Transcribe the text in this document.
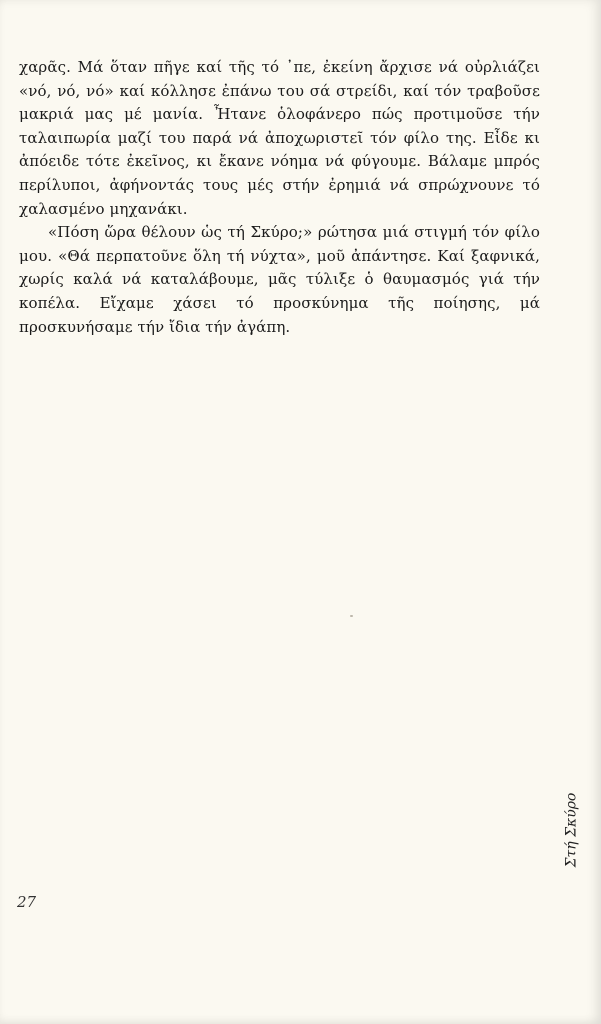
χαρᾶς. Μά ὅταν πῆγε καί τῆς τό ᾿πε, ἐκείνη ἄρχισε νά οὐρλιάζει «νό, νό, νό» καί κόλλησε ἐπάνω του σά στρείδι, καί τόν τραβοῦσε μακριά μας μέ μανία. Ἦτανε ὁλοφάνερο πώς προτιμοῦσε τήν ταλαιπωρία μαζί του παρά νά ἀποχωριστεῖ τόν φίλο της. Εἶδε κι ἀπόειδε τότε ἐκεῖνος, κι ἔκανε νόημα νά φύγουμε. Βάλαμε μπρός περίλυποι, ἀφήνοντάς τους μές στήν ἐρημιά νά σπρώχνουνε τό χαλασμένο μηχανάκι.

«Πόση ὥρα θέλουν ὡς τή Σκύρο;» ρώτησα μιά στιγμή τόν φίλο μου. «Θά περπατοῦνε ὅλη τή νύχτα», μοῦ ἀπάντησε. Καί ξαφνικά, χωρίς καλά νά καταλάβουμε, μᾶς τύλιξε ὁ θαυμασμός γιά τήν κοπέλα. Εἴχαμε χάσει τό προσκύνημα τῆς ποίησης, μά προσκυνήσαμε τήν ἴδια τήν ἀγάπη.

Στή Σκύρο
27
